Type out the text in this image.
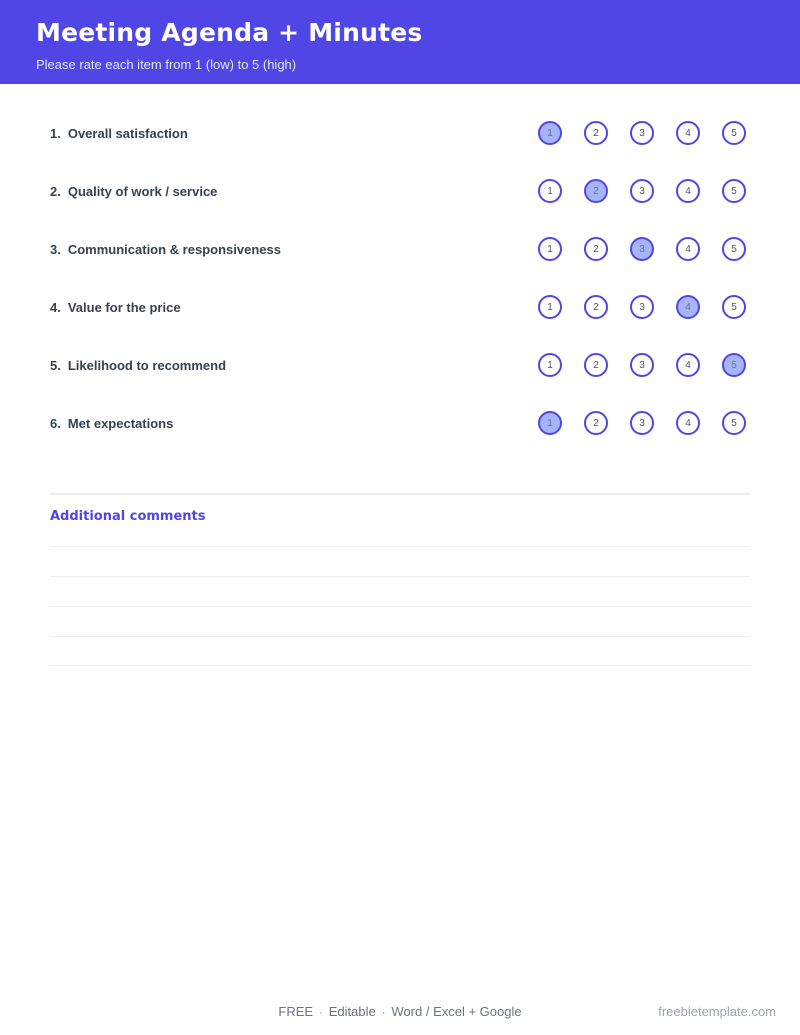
Meeting Agenda + Minutes
Please rate each item from 1 (low) to 5 (high)
1. Overall satisfaction	1	2	3	4	5
2. Quality of work / service	1	2	3	4	5
3. Communication & responsiveness	1	2	3	4	5
4. Value for the price	1	2	3	4	5
5. Likelihood to recommend	1	2	3	4	5
6. Met expectations	1	2	3	4	5
Additional comments
FREE · Editable · Word / Excel + Google	freebietemplate.com
